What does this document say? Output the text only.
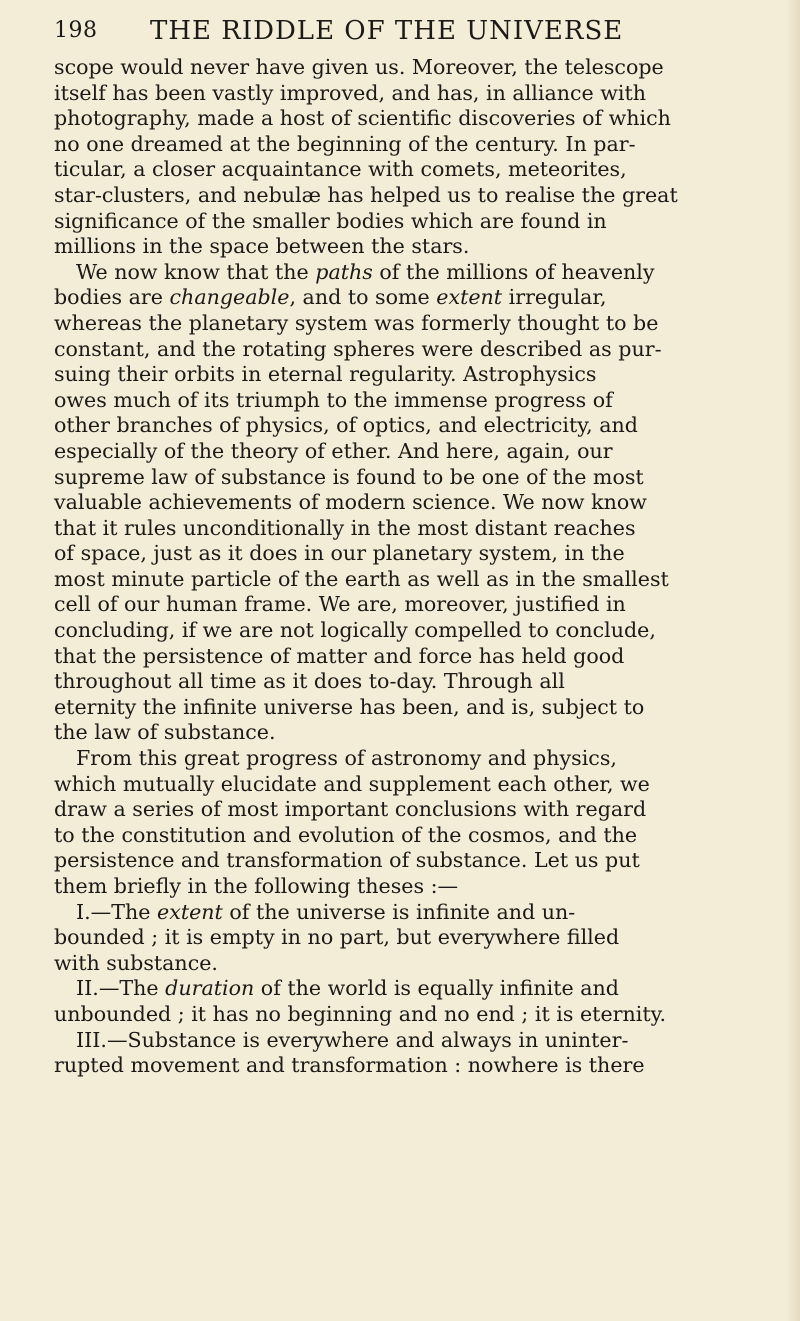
198 THE RIDDLE OF THE UNIVERSE
scope would never have given us. Moreover, the telescope
itself has been vastly improved, and has, in alliance with
photography, made a host of scientific discoveries of which
no one dreamed at the beginning of the century. In par-
ticular, a closer acquaintance with comets, meteorites,
star-clusters, and nebulæ has helped us to realise the great
significance of the smaller bodies which are found in
millions in the space between the stars.
We now know that the paths of the millions of heavenly
bodies are changeable, and to some extent irregular,
whereas the planetary system was formerly thought to be
constant, and the rotating spheres were described as pur-
suing their orbits in eternal regularity. Astrophysics
owes much of its triumph to the immense progress of
other branches of physics, of optics, and electricity, and
especially of the theory of ether. And here, again, our
supreme law of substance is found to be one of the most
valuable achievements of modern science. We now know
that it rules unconditionally in the most distant reaches
of space, just as it does in our planetary system, in the
most minute particle of the earth as well as in the smallest
cell of our human frame. We are, moreover, justified in
concluding, if we are not logically compelled to conclude,
that the persistence of matter and force has held good
throughout all time as it does to-day. Through all
eternity the infinite universe has been, and is, subject to
the law of substance.
From this great progress of astronomy and physics,
which mutually elucidate and supplement each other, we
draw a series of most important conclusions with regard
to the constitution and evolution of the cosmos, and the
persistence and transformation of substance. Let us put
them briefly in the following theses :—
I.—The extent of the universe is infinite and un-
bounded ; it is empty in no part, but everywhere filled
with substance.
II.—The duration of the world is equally infinite and
unbounded ; it has no beginning and no end ; it is eternity.
III.—Substance is everywhere and always in uninter-
rupted movement and transformation : nowhere is there
